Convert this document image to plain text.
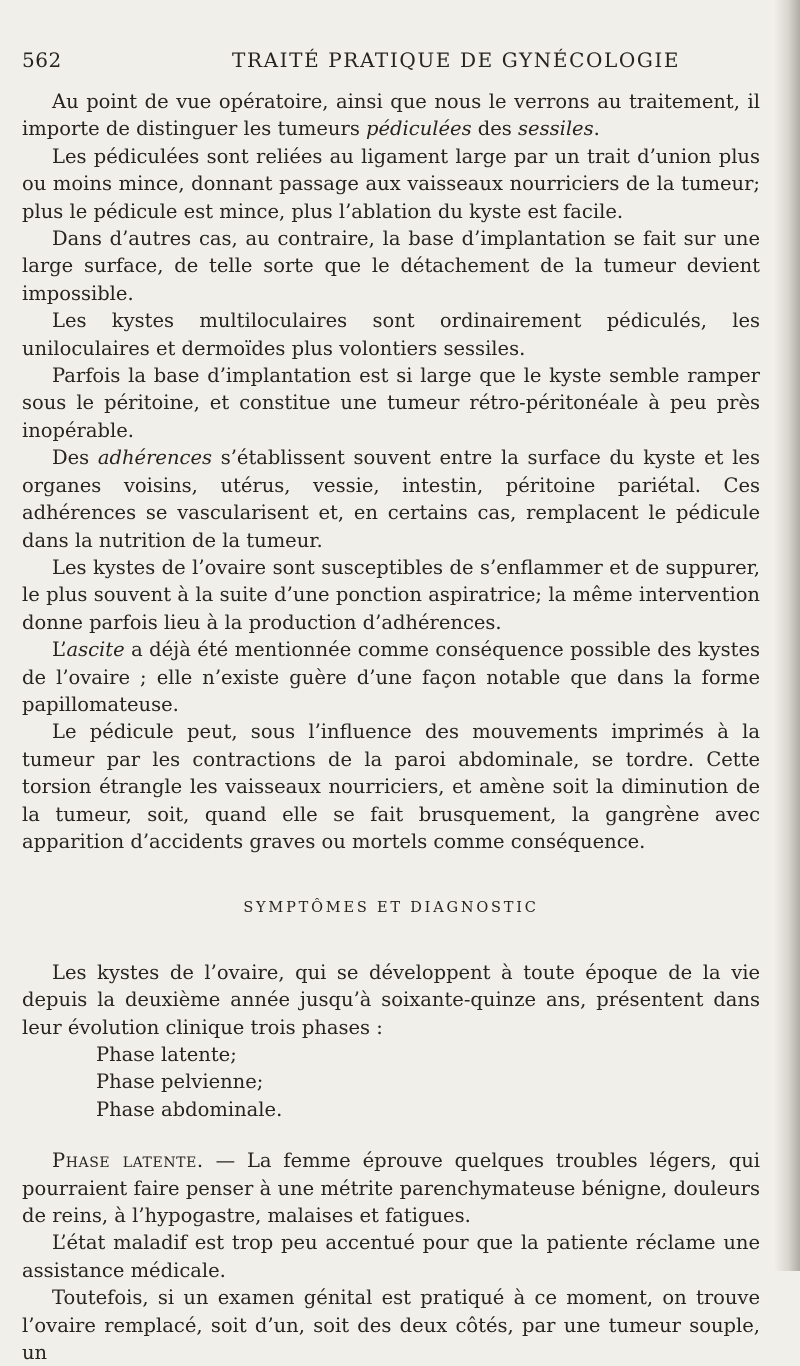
562	TRAITÉ PRATIQUE DE GYNÉCOLOGIE

Au point de vue opératoire, ainsi que nous le verrons au traitement, il importe de distinguer les tumeurs pédiculées des sessiles.

Les pédiculées sont reliées au ligament large par un trait d’union plus ou moins mince, donnant passage aux vaisseaux nourriciers de la tumeur; plus le pédicule est mince, plus l’ablation du kyste est facile.

Dans d’autres cas, au contraire, la base d’implantation se fait sur une large surface, de telle sorte que le détachement de la tumeur devient impossible.

Les kystes multiloculaires sont ordinairement pédiculés, les uniloculaires et dermoïdes plus volontiers sessiles.

Parfois la base d’implantation est si large que le kyste semble ramper sous le péritoine, et constitue une tumeur rétro-péritonéale à peu près inopérable.

Des adhérences s’établissent souvent entre la surface du kyste et les organes voisins, utérus, vessie, intestin, péritoine pariétal. Ces adhérences se vascularisent et, en certains cas, remplacent le pédicule dans la nutrition de la tumeur.

Les kystes de l’ovaire sont susceptibles de s’enflammer et de suppurer, le plus souvent à la suite d’une ponction aspiratrice; la même intervention donne parfois lieu à la production d’adhérences.

L’ascite a déjà été mentionnée comme conséquence possible des kystes de l’ovaire ; elle n’existe guère d’une façon notable que dans la forme papillomateuse.

Le pédicule peut, sous l’influence des mouvements imprimés à la tumeur par les contractions de la paroi abdominale, se tordre. Cette torsion étrangle les vaisseaux nourriciers, et amène soit la diminution de la tumeur, soit, quand elle se fait brusquement, la gangrène avec apparition d’accidents graves ou mortels comme conséquence.

SYMPTÔMES ET DIAGNOSTIC

Les kystes de l’ovaire, qui se développent à toute époque de la vie depuis la deuxième année jusqu’à soixante-quinze ans, présentent dans leur évolution clinique trois phases :

Phase latente;
Phase pelvienne;
Phase abdominale.

Phase latente. — La femme éprouve quelques troubles légers, qui pourraient faire penser à une métrite parenchymateuse bénigne, douleurs de reins, à l’hypogastre, malaises et fatigues.

L’état maladif est trop peu accentué pour que la patiente réclame une assistance médicale.

Toutefois, si un examen génital est pratiqué à ce moment, on trouve l’ovaire remplacé, soit d’un, soit des deux côtés, par une tumeur souple, un
